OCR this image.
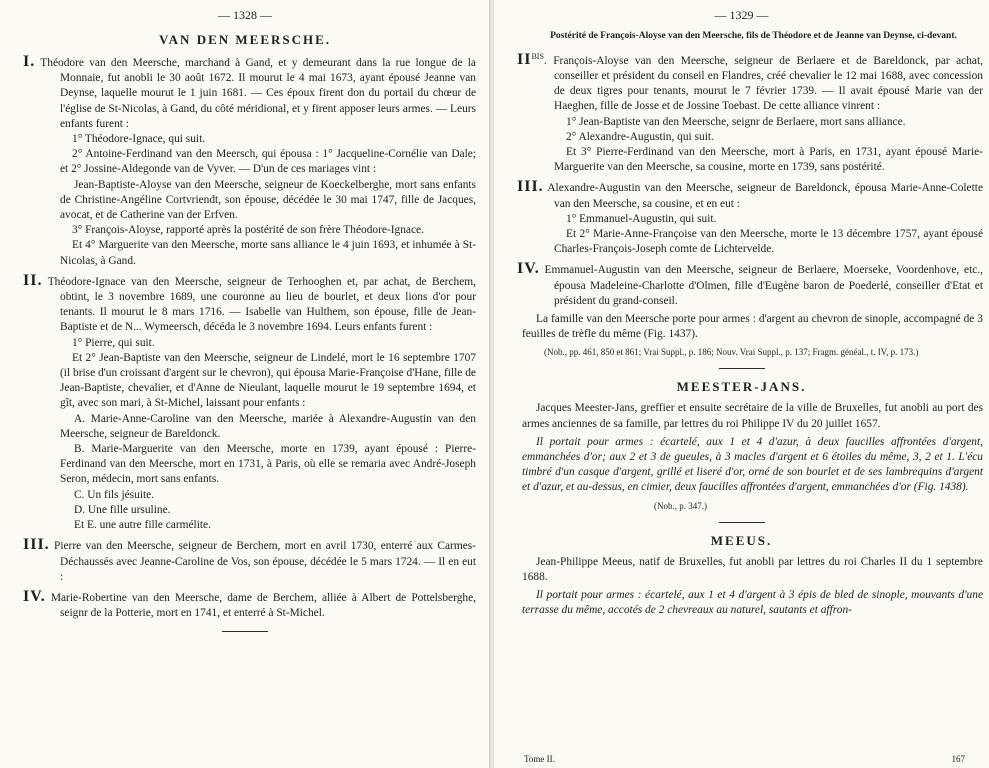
— 1328 —
VAN DEN MEERSCHE.
I. Théodore van den Meersche, marchand à Gand, et y demeurant dans la rue longue de la Monnaie, fut anobli le 30 août 1672. Il mourut le 4 mai 1673, ayant épousé Jeanne van Deynse, laquelle mourut le 1 juin 1681. — Ces époux firent don du portail du chœur de l'église de St-Nicolas, à Gand, du côté méridional, et y firent apposer leurs armes. — Leurs enfants furent :
1° Théodore-Ignace, qui suit.
2° Antoine-Ferdinand van den Meersch, qui épousa : 1° Jacqueline-Cornélie van Dale; et 2° Jossine-Aldegonde van de Vyver. — D'un de ces mariages vint :
Jean-Baptiste-Aloyse van den Meersche, seigneur de Koeckelberghe, mort sans enfants de Christine-Angéline Cortvriendt, son épouse, décédée le 30 mai 1747, fille de Jacques, avocat, et de Catherine van der Erfven.
3° François-Aloyse, rapporté après la postérité de son frère Théodore-Ignace.
Et 4° Marguerite van den Meersche, morte sans alliance le 4 juin 1693, et inhumée à St-Nicolas, à Gand.
II. Théodore-Ignace van den Meersche, seigneur de Terhooghen et, par achat, de Berchem, obtint, le 3 novembre 1689, une couronne au lieu de bourlet, et deux lions d'or pour tenants. Il mourut le 8 mars 1716. — Isabelle van Hulthem, son épouse, fille de Jean-Baptiste et de N... Wymeersch, décéda le 3 novembre 1694. Leurs enfants furent :
1° Pierre, qui suit.
Et 2° Jean-Baptiste van den Meersche, seigneur de Lindelé, mort le 16 septembre 1707 (il brise d'un croissant d'argent sur le chevron), qui épousa Marie-Françoise d'Hane, fille de Jean-Baptiste, chevalier, et d'Anne de Nieulant, laquelle mourut le 19 septembre 1694, et gît, avec son mari, à St-Michel, laissant pour enfants :
A. Marie-Anne-Caroline van den Meersche, mariée à Alexandre-Augustin van den Meersche, seigneur de Bareldonck.
B. Marie-Marguerite van den Meersche, morte en 1739, ayant épousé : Pierre-Ferdinand van den Meersche, mort en 1731, à Paris, où elle se remaria avec André-Joseph Seron, médecin, mort sans enfants.
C. Un fils jésuite.
D. Une fille ursuline.
Et E. une autre fille carmélite.
III. Pierre van den Meersche, seigneur de Berchem, mort en avril 1730, enterré aux Carmes-Déchaussés avec Jeanne-Caroline de Vos, son épouse, décédée le 5 mars 1724. — Il en eut :
IV. Marie-Robertine van den Meersche, dame de Berchem, alliée à Albert de Pottelsberghe, seignr de la Potterie, mort en 1741, et enterré à St-Michel.
— 1329 —
Postérité de François-Aloyse van den Meersche, fils de Théodore et de Jeanne van Deynse, ci-devant.
$II^{BIS}$. François-Aloyse van den Meersche, seigneur de Berlaere et de Bareldonck, par achat, conseiller et président du conseil en Flandres, créé chevalier le 12 mai 1688, avec concession de deux tigres pour tenants, mourut le 7 février 1739. — Il avait épousé Marie van der Haeghen, fille de Josse et de Jossine Toebast. De cette alliance vinrent :
1° Jean-Baptiste van den Meersche, seignr de Berlaere, mort sans alliance.
2° Alexandre-Augustin, qui suit.
Et 3° Pierre-Ferdinand van den Meersche, mort à Paris, en 1731, ayant épousé Marie-Marguerite van den Meersche, sa cousine, morte en 1739, sans postérité.
III. Alexandre-Augustin van den Meersche, seigneur de Bareldonck, épousa Marie-Anne-Colette van den Meersche, sa cousine, et en eut :
1° Emmanuel-Augustin, qui suit.
Et 2° Marie-Anne-Françoise van den Meersche, morte le 13 décembre 1757, ayant épousé Charles-François-Joseph comte de Lichtervelde.
IV. Emmanuel-Augustin van den Meersche, seigneur de Berlaere, Moerseke, Voordenhove, etc., épousa Madeleine-Charlotte d'Olmen, fille d'Eugène baron de Poederlé, conseiller d'Etat et président du grand-conseil.
La famille van den Meersche porte pour armes : d'argent au chevron de sinople, accompagné de 3 feuilles de trèfle du même (Fig. 1437).
(Nob., pp. 461, 850 et 861; Vrai Suppl., p. 186; Nouv. Vrai Suppl., p. 137; Fragm. généal., t. IV, p. 173.)
MEESTER-JANS.
Jacques Meester-Jans, greffier et ensuite secrétaire de la ville de Bruxelles, fut anobli au port des armes anciennes de sa famille, par lettres du roi Philippe IV du 20 juillet 1657.
Il portait pour armes : écartelé, aux 1 et 4 d'azur, à deux faucilles affrontées d'argent, emmanchées d'or; aux 2 et 3 de gueules, à 3 macles d'argent et 6 étoiles du même, 3, 2 et 1. L'écu timbré d'un casque d'argent, grillé et liseré d'or, orné de son bourlet et de ses lambrequins d'argent et d'azur, et au-dessus, en cimier, deux faucilles affrontées d'argent, emmanchées d'or (Fig. 1438).
(Nob., p. 347.)
MEEUS.
Jean-Philippe Meeus, natif de Bruxelles, fut anobli par lettres du roi Charles II du 1 septembre 1688.
Il portait pour armes : écartelé, aux 1 et 4 d'argent à 3 épis de bled de sinople, mouvants d'une terrasse du même, accotés de 2 chevreaux au naturel, sautants et affron-
Tome II.	167
